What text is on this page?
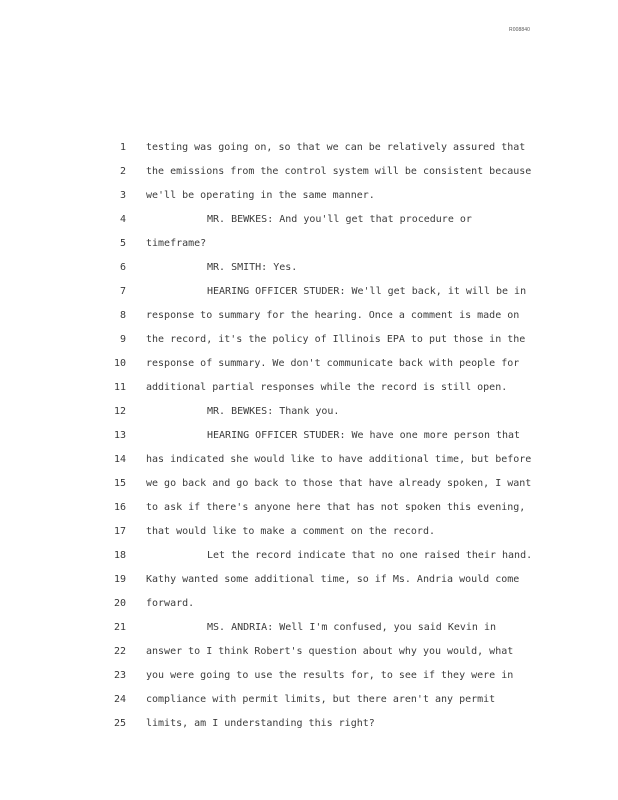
R008840
1 testing was going on, so that we can be relatively assured that
2 the emissions from the control system will be consistent because
3 we'll be operating in the same manner.
4	MR. BEWKES: And you'll get that procedure or
5 timeframe?
6	MR. SMITH: Yes.
7	HEARING OFFICER STUDER: We'll get back, it will be in
8 response to summary for the hearing. Once a comment is made on
9 the record, it's the policy of Illinois EPA to put those in the
10 response of summary. We don't communicate back with people for
11 additional partial responses while the record is still open.
12	MR. BEWKES: Thank you.
13	HEARING OFFICER STUDER: We have one more person that
14 has indicated she would like to have additional time, but before
15 we go back and go back to those that have already spoken, I want
16 to ask if there's anyone here that has not spoken this evening,
17 that would like to make a comment on the record.
18	Let the record indicate that no one raised their hand.
19 Kathy wanted some additional time, so if Ms. Andria would come
20 forward.
21	MS. ANDRIA: Well I'm confused, you said Kevin in
22 answer to I think Robert's question about why you would, what
23 you were going to use the results for, to see if they were in
24 compliance with permit limits, but there aren't any permit
25 limits, am I understanding this right?
